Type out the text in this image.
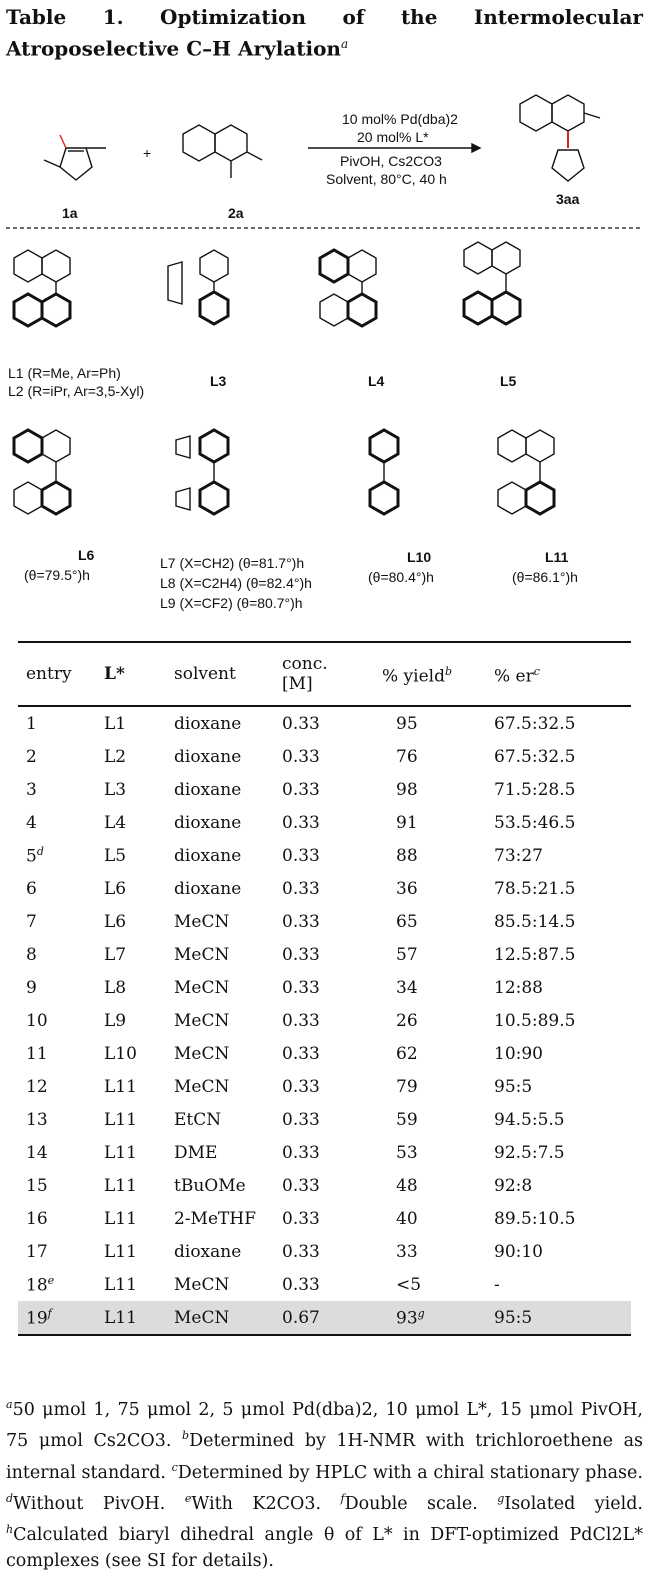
Table 1. Optimization of the Intermolecular
Atroposelective C–H Arylation$^a$
10 mol% Pd(dba)2
20 mol% L*
PivOH, Cs2CO3
Solvent, 80°C, 40 h
+
1a	2a
3aa
L1 (R=Me, Ar=Ph)
L2 (R=iPr, Ar=3,5-Xyl)
L3	L4	L5
L6
(θ=79.5°)h
L7 (X=CH2) (θ=81.7°)h
L8 (X=C2H4) (θ=82.4°)h
L9 (X=CF2) (θ=80.7°)h
L10
(θ=80.4°)h
L11
(θ=86.1°)h
entry	L*	solvent	conc.
[M]	% yield$^b$	% $er^c$
1	L1	dioxane	0.33	95	67.5:32.5
2	L2	dioxane	0.33	76	67.5:32.5
3	L3	dioxane	0.33	98	71.5:28.5
4	L4	dioxane	0.33	91	53.5:46.5
5$^d$	L5	dioxane	0.33	88	73:27
6	L6	dioxane	0.33	36	78.5:21.5
7	L6	MeCN	0.33	65	85.5:14.5
8	L7	MeCN	0.33	57	12.5:87.5
9	L8	MeCN	0.33	34	12:88
10	L9	MeCN	0.33	26	10.5:89.5
11	L10	MeCN	0.33	62	10:90
12	L11	MeCN	0.33	79	95:5
13	L11	EtCN	0.33	59	94.5:5.5
14	L11	DME	0.33	53	92.5:7.5
15	L11	tBuOMe	0.33	48	92:8
16	L11	2-MeTHF	0.33	40	89.5:10.5
17	L11	dioxane	0.33	33	90:10
18e	L11	MeCN	0.33	<5	-
19$^f$	L11	MeCN	0.67	93$^g$	95:5
$^a$50 μmol 1, 75 μmol 2, 5 μmol Pd(dba)2, 10 μmol L*, 15 μmol PivOH, 75 μmol Cs2CO3. $^b$Determined by 1H-NMR with trichloroethene as internal standard. $^c$Determined by HPLC with a chiral stationary phase. $^d$Without PivOH. $^e$With K2CO3. $^f$Double scale. $^g$Isolated yield. $^h$Calculated biaryl dihedral angle θ of L* in DFT-optimized PdCl2L* complexes (see SI for details).
